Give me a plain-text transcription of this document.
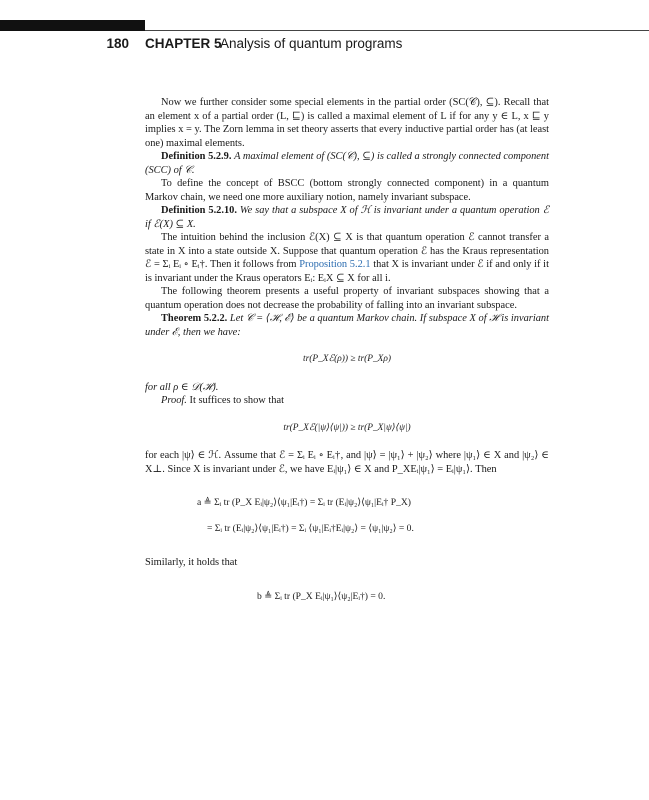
180 CHAPTER 5
Analysis of quantum programs

Now we further consider some special elements in the partial order (SC(𝒞), ⊆). Recall that an element x of a partial order (L, ⊑) is called a maximal element of L if for any y ∈ L, x ⊑ y implies x = y. The Zorn lemma in set theory asserts that every inductive partial order has (at least one) maximal elements.

Definition 5.2.9. A maximal element of (SC(𝒞), ⊆) is called a strongly connected component (SCC) of 𝒞.

To define the concept of BSCC (bottom strongly connected component) in a quantum Markov chain, we need one more auxiliary notion, namely invariant subspace.

Definition 5.2.10. We say that a subspace X of ℋ is invariant under a quantum operation ℰ if ℰ(X) ⊆ X.

The intuition behind the inclusion ℰ(X) ⊆ X is that quantum operation ℰ cannot transfer a state in X into a state outside X. Suppose that quantum operation ℰ has the Kraus representation ℰ = Σᵢ Eᵢ ∘ Eᵢ†. Then it follows from Proposition 5.2.1 that X is invariant under ℰ if and only if it is invariant under the Kraus operators Eᵢ: EᵢX ⊆ X for all i.

The following theorem presents a useful property of invariant subspaces showing that a quantum operation does not decrease the probability of falling into an invariant subspace.

Theorem 5.2.2. Let 𝒞 = ⟨ℋ, ℰ⟩ be a quantum Markov chain. If subspace X of ℋ is invariant under ℰ, then we have:

tr(P_Xℰ(ρ)) ≥ tr(P_Xρ)

for all ρ ∈ 𝒟(ℋ).

Proof. It suffices to show that

tr(P_Xℰ(|ψ⟩⟨ψ|)) ≥ tr(P_X|ψ⟩⟨ψ|)

for each |ψ⟩ ∈ ℋ. Assume that ℰ = Σᵢ Eᵢ ∘ Eᵢ†, and |ψ⟩ = |ψ₁⟩ + |ψ₂⟩ where |ψ₁⟩ ∈ X and |ψ₂⟩ ∈ X⊥. Since X is invariant under ℰ, we have Eᵢ|ψ₁⟩ ∈ X and P_XEᵢ|ψ₁⟩ = Eᵢ|ψ₁⟩. Then

a ≜ Σᵢ tr (P_X Eᵢ|ψ₂⟩⟨ψ₁|Eᵢ†) = Σᵢ tr (Eᵢ|ψ₂⟩⟨ψ₁|Eᵢ† P_X)
= Σᵢ tr (Eᵢ|ψ₂⟩⟨ψ₁|Eᵢ†) = Σᵢ ⟨ψ₁|Eᵢ†Eᵢ|ψ₂⟩ = ⟨ψ₁|ψ₂⟩ = 0.

Similarly, it holds that

b ≜ Σᵢ tr (P_X Eᵢ|ψ₁⟩⟨ψ₂|Eᵢ†) = 0.
